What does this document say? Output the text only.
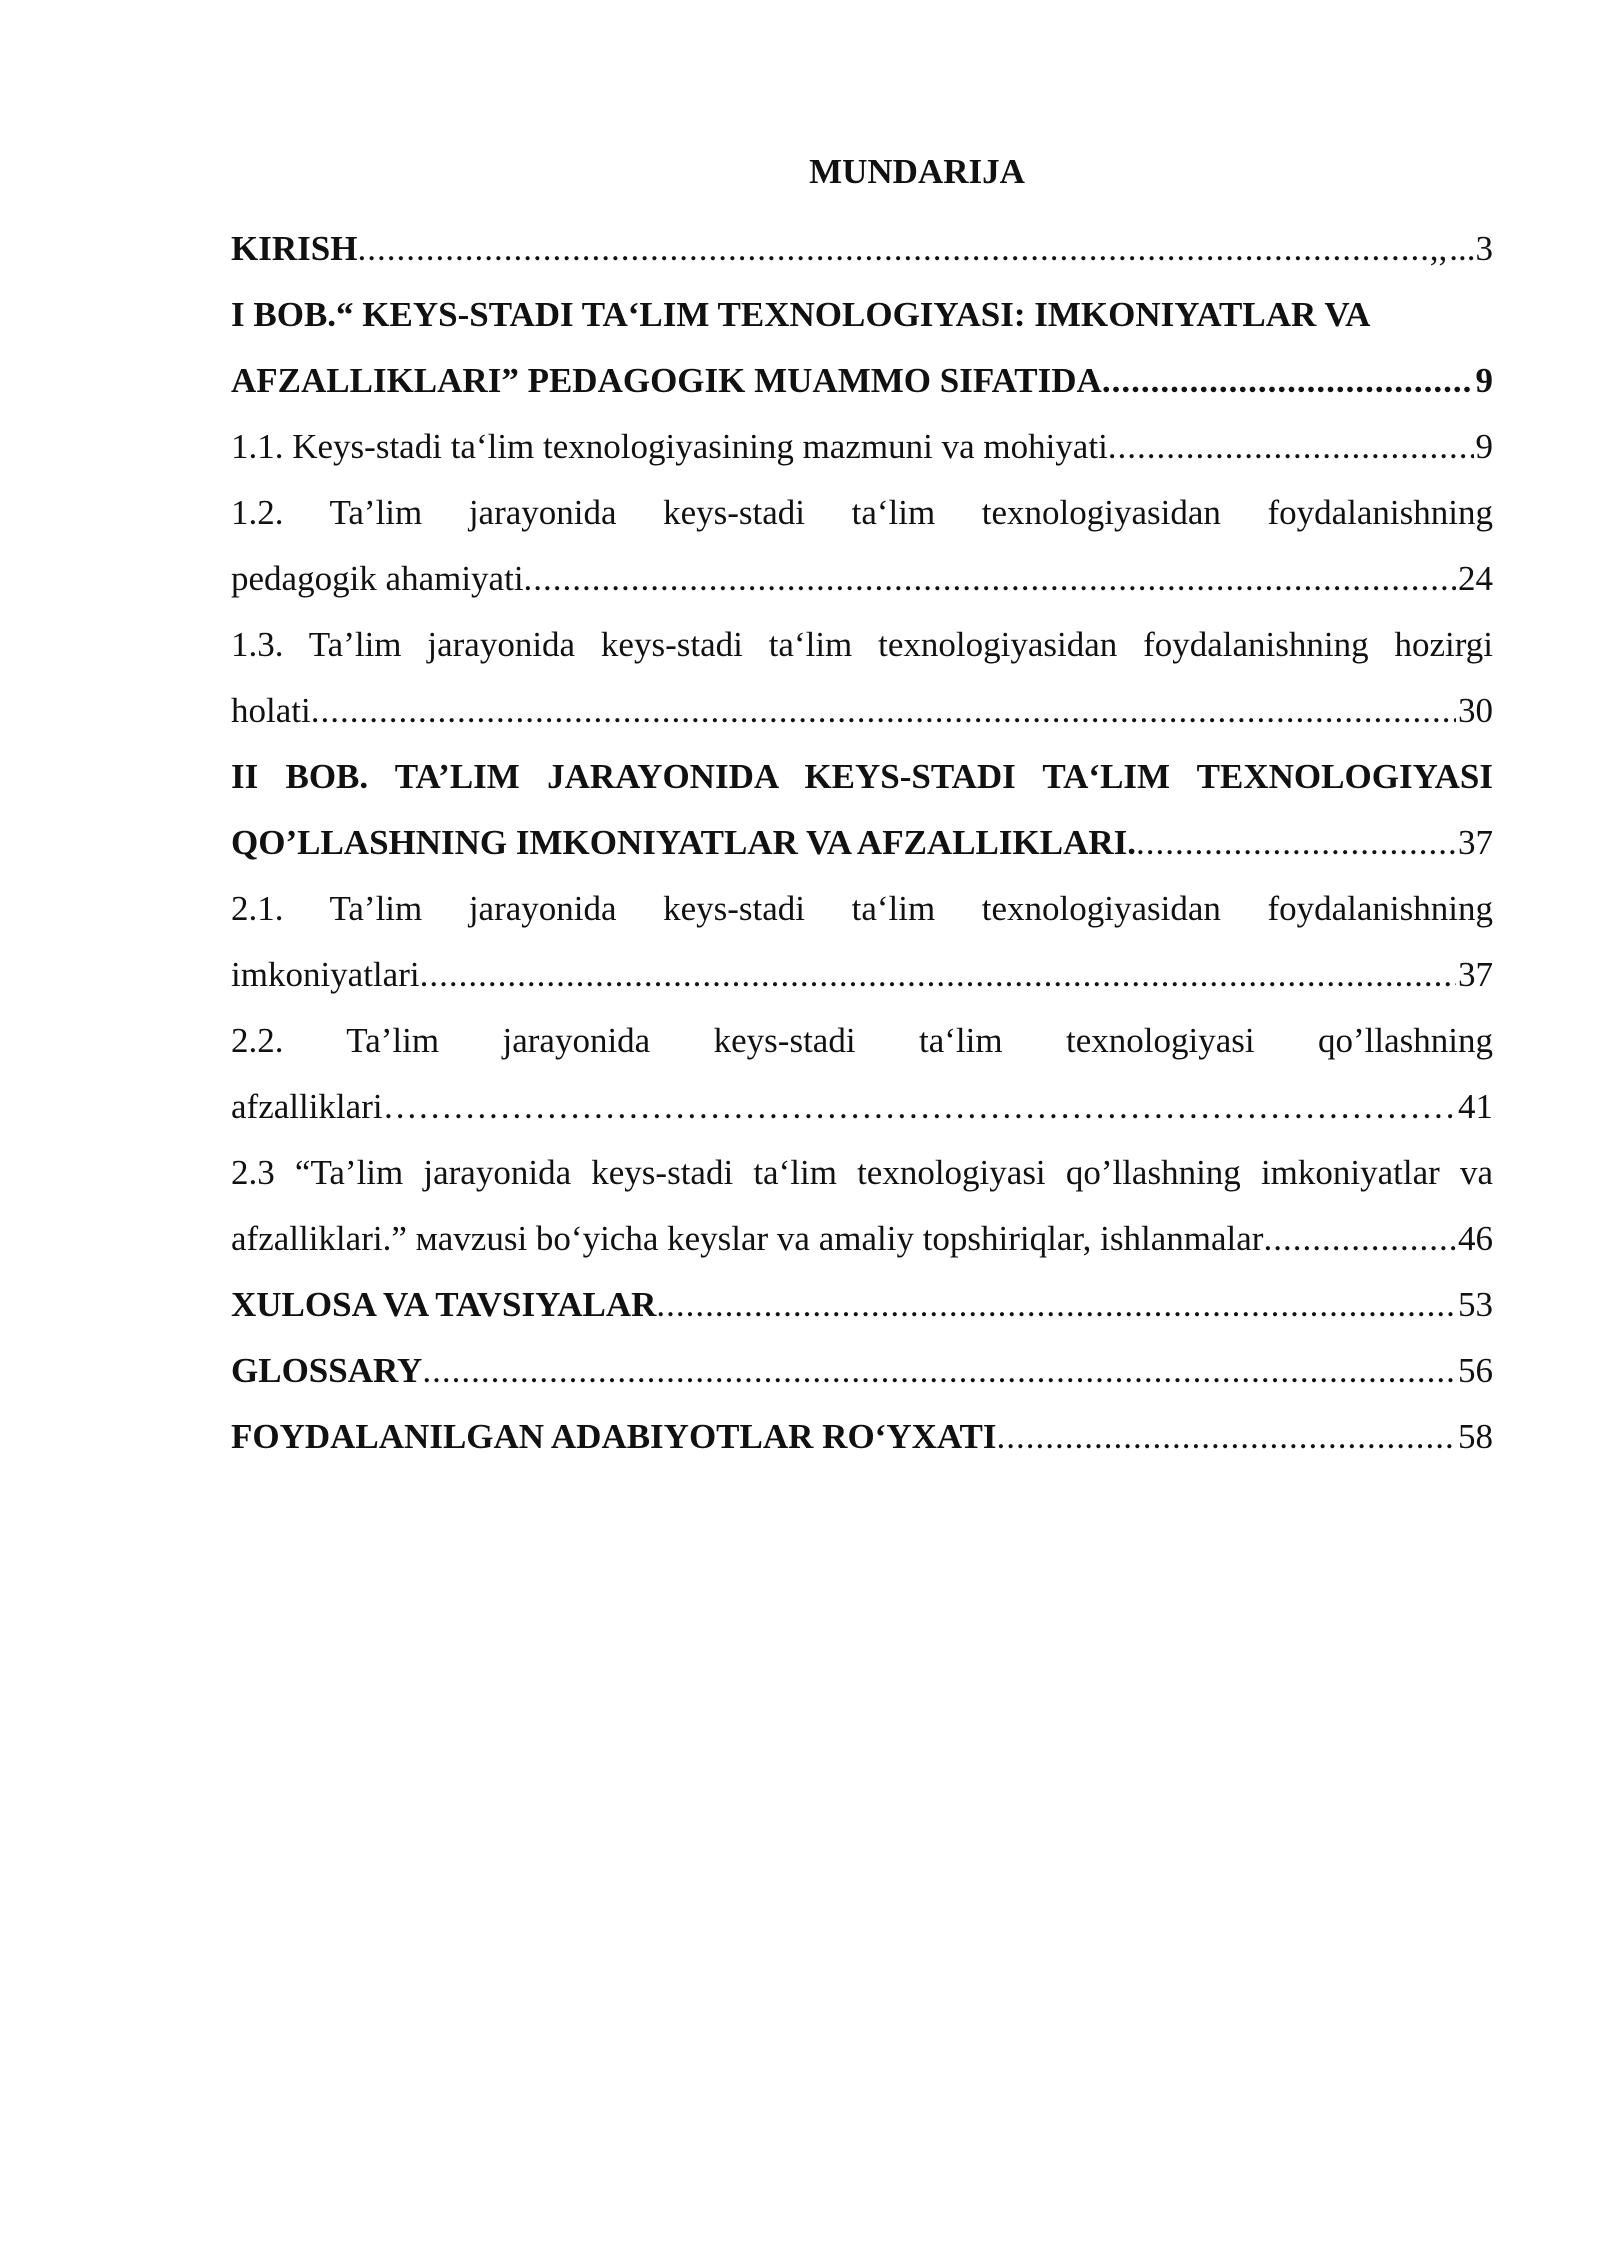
MUNDARIJA
KIRISH .....	,, ...3
I BOB.“ KEYS-STADI TA‘LIM TEXNOLOGIYASI: IMKONIYATLAR VA
AFZALLIKLARI” PEDAGOGIK MUAMMO SIFATIDA .....	9
1.1. Keys-stadi ta‘lim texnologiyasining mazmuni va mohiyati .....	9
1.2. Ta’lim jarayonida keys-stadi ta‘lim texnologiyasidan foydalanishning
pedagogik ahamiyati .....	24
1.3. Ta’lim jarayonida keys-stadi ta‘lim texnologiyasidan foydalanishning hozirgi
holati .....	30
II BOB. TA’LIM JARAYONIDA KEYS-STADI TA‘LIM TEXNOLOGIYASI
QO’LLASHNING IMKONIYATLAR VA AFZALLIKLARI. .....	37
2.1. Ta’lim jarayonida keys-stadi ta‘lim texnologiyasidan foydalanishning
imkoniyatlari .....	37
2.2. Ta’lim jarayonida keys-stadi ta‘lim texnologiyasi qo’llashning
afzalliklari …………………………………………………………………………………………………………………………………………	41
2.3 “Ta’lim jarayonida keys-stadi ta‘lim texnologiyasi qo’llashning imkoniyatlar va
afzalliklari.” мavzusi bo‘yicha keyslar va amaliy topshiriqlar, ishlanmalar .....	46
XULOSA VA TAVSIYALAR .....	53
GLOSSARY .....	56
FOYDALANILGAN ADABIYOTLAR RO‘YXATI .....	58
